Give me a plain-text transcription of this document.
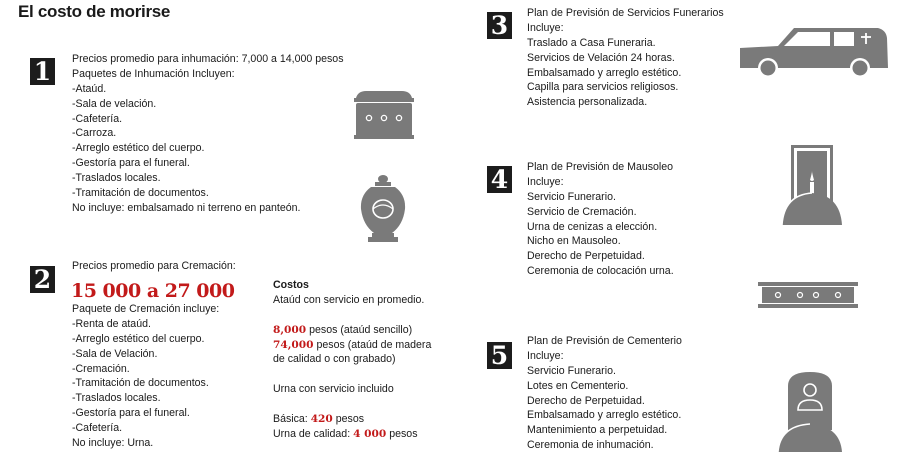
El costo de morirse
1	Precios promedio para inhumación: 7,000 a 14,000 pesos
Paquetes de Inhumación Incluyen:
-Ataúd.
-Sala de velación.
-Cafetería.
-Carroza.
-Arreglo estético del cuerpo.
-Gestoría para el funeral.
-Traslados locales.
-Tramitación de documentos.
No incluye: embalsamado ni terreno en panteón.
2	Precios promedio para Cremación:
15 000 a 27 000
Paquete de Cremación incluye:
-Renta de ataúd.
-Arreglo estético del cuerpo.
-Sala de Velación.
-Cremación.
-Tramitación de documentos.
-Traslados locales.
-Gestoría para el funeral.
-Cafetería.
No incluye: Urna.
Costos
Ataúd con servicio en promedio.
8,000 pesos (ataúd sencillo)
74,000 pesos (ataúd de madera
de calidad o con grabado)
Urna con servicio incluido
Básica: 420 pesos
Urna de calidad: 4 000 pesos
3	Plan de Previsión de Servicios Funerarios
Incluye:
Traslado a Casa Funeraria.
Servicios de Velación 24 horas.
Embalsamado y arreglo estético.
Capilla para servicios religiosos.
Asistencia personalizada.
4	Plan de Previsión de Mausoleo
Incluye:
Servicio Funerario.
Servicio de Cremación.
Urna de cenizas a elección.
Nicho en Mausoleo.
Derecho de Perpetuidad.
Ceremonia de colocación urna.
5	Plan de Previsión de Cementerio
Incluye:
Servicio Funerario.
Lotes en Cementerio.
Derecho de Perpetuidad.
Embalsamado y arreglo estético.
Mantenimiento a perpetuidad.
Ceremonia de inhumación.
